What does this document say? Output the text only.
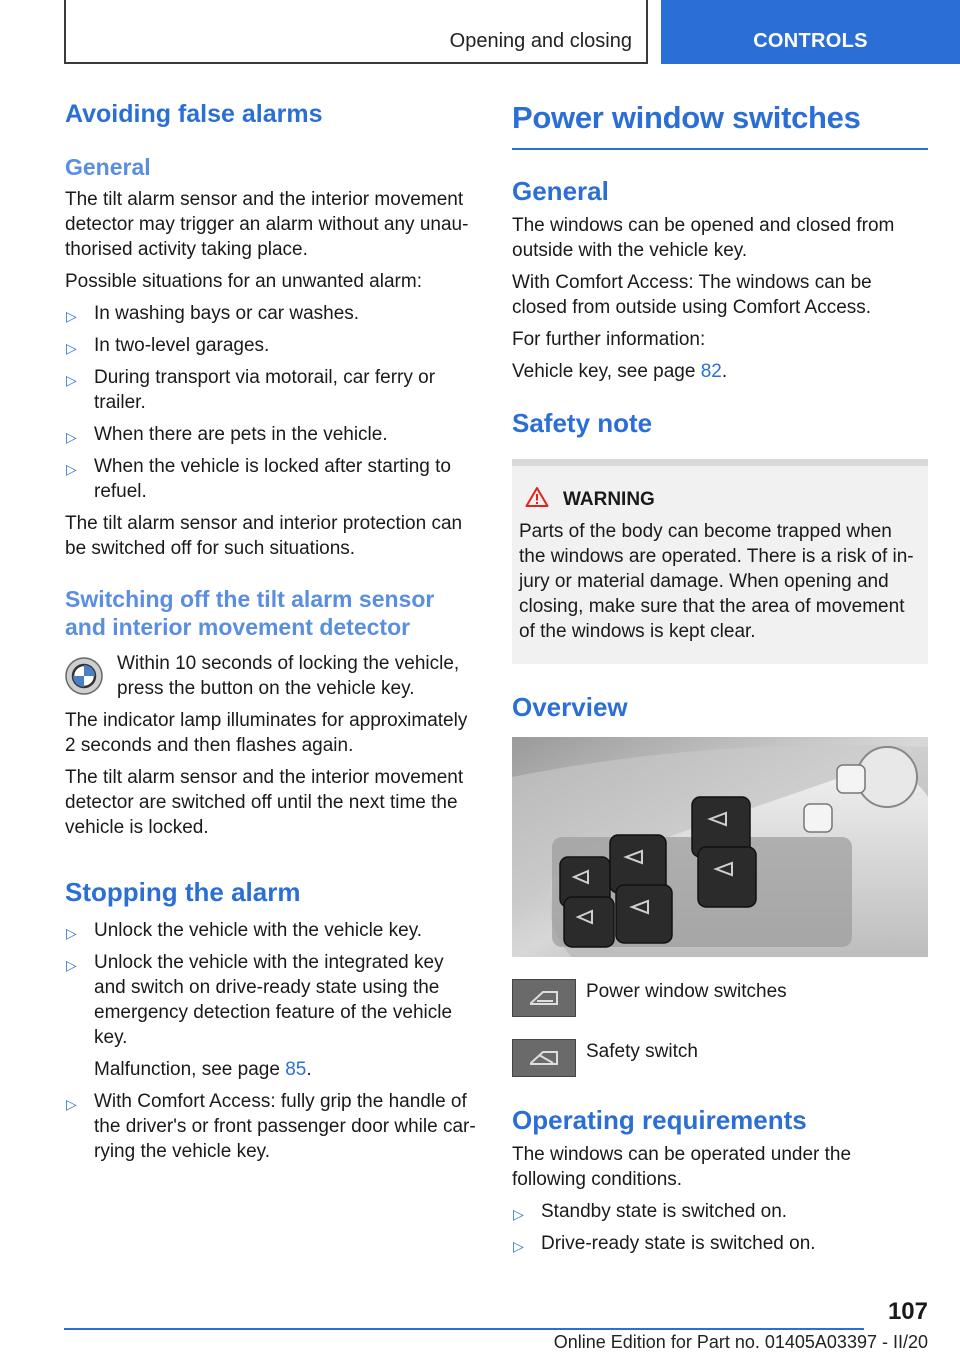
Opening and closing	CONTROLS
Avoiding false alarms
General

The tilt alarm sensor and the interior movement detector may trigger an alarm without any unau-thorised activity taking place.

Possible situations for an unwanted alarm:

▷ In washing bays or car washes.
▷ In two-level garages.
▷ During transport via motorail, car ferry or trailer.
▷ When there are pets in the vehicle.
▷ When the vehicle is locked after starting to refuel.

The tilt alarm sensor and interior protection can be switched off for such situations.

Switching off the tilt alarm sensor and interior movement detector

Within 10 seconds of locking the vehicle, press the button on the vehicle key.

The indicator lamp illuminates for approximately 2 seconds and then flashes again.

The tilt alarm sensor and the interior movement detector are switched off until the next time the vehicle is locked.

Stopping the alarm
▷ Unlock the vehicle with the vehicle key.
▷ Unlock the vehicle with the integrated key and switch on drive-ready state using the emergency detection feature of the vehicle key.
Malfunction, see page 85.
▷ With Comfort Access: fully grip the handle of the driver's or front passenger door while car-rying the vehicle key.
Power window switches
General

The windows can be opened and closed from outside with the vehicle key.

With Comfort Access: The windows can be closed from outside using Comfort Access.

For further information:

Vehicle key, see page 82.

Safety note
WARNING

Parts of the body can become trapped when the windows are operated. There is a risk of in-jury or material damage. When opening and closing, make sure that the area of movement of the windows is kept clear.

Overview

Power window switches

Safety switch

Operating requirements

The windows can be operated under the following conditions.

▷ Standby state is switched on.
▷ Drive-ready state is switched on.
107
Online Edition for Part no. 01405A03397 - II/20
